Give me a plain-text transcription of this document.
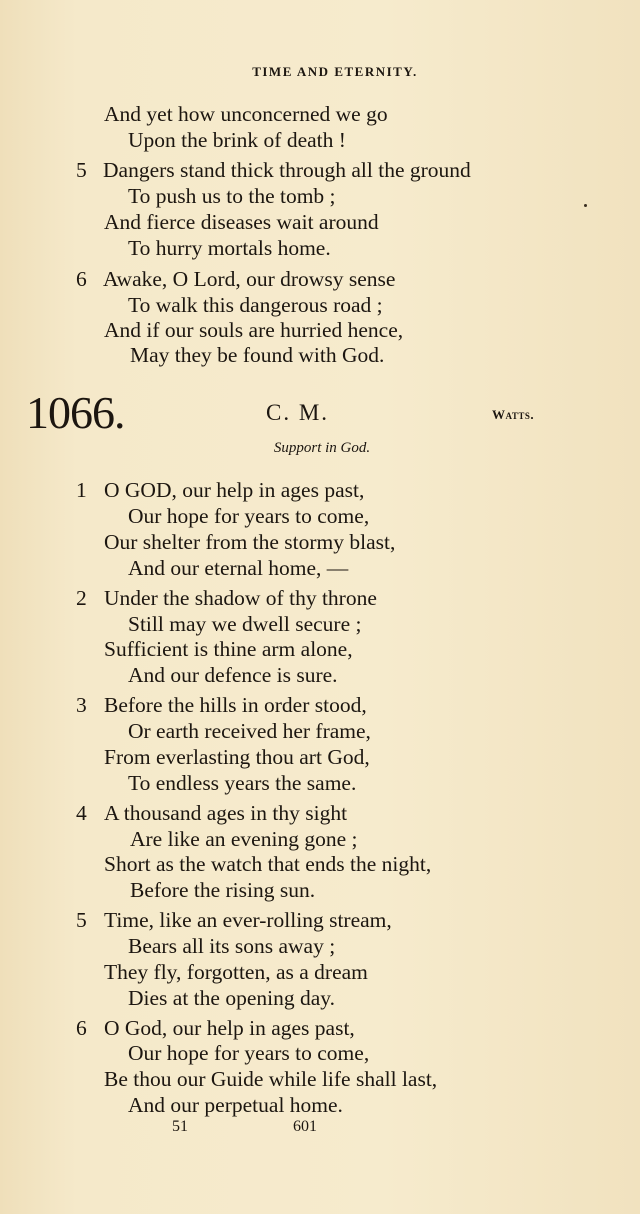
TIME AND ETERNITY.
And yet how unconcerned we go
Upon the brink of death !
5 Dangers stand thick through all the ground
To push us to the tomb ;
And fierce diseases wait around
To hurry mortals home.
6 Awake, O Lord, our drowsy sense
To walk this dangerous road ;
And if our souls are hurried hence,
May they be found with God.
1066.	C. M.	Watts.
Support in God.
1 O GOD, our help in ages past,
Our hope for years to come,
Our shelter from the stormy blast,
And our eternal home, —
2 Under the shadow of thy throne
Still may we dwell secure ;
Sufficient is thine arm alone,
And our defence is sure.
3 Before the hills in order stood,
Or earth received her frame,
From everlasting thou art God,
To endless years the same.
4 A thousand ages in thy sight
Are like an evening gone ;
Short as the watch that ends the night,
Before the rising sun.
5 Time, like an ever-rolling stream,
Bears all its sons away ;
They fly, forgotten, as a dream
Dies at the opening day.
6 O God, our help in ages past,
Our hope for years to come,
Be thou our Guide while life shall last,
And our perpetual home.
51	601
